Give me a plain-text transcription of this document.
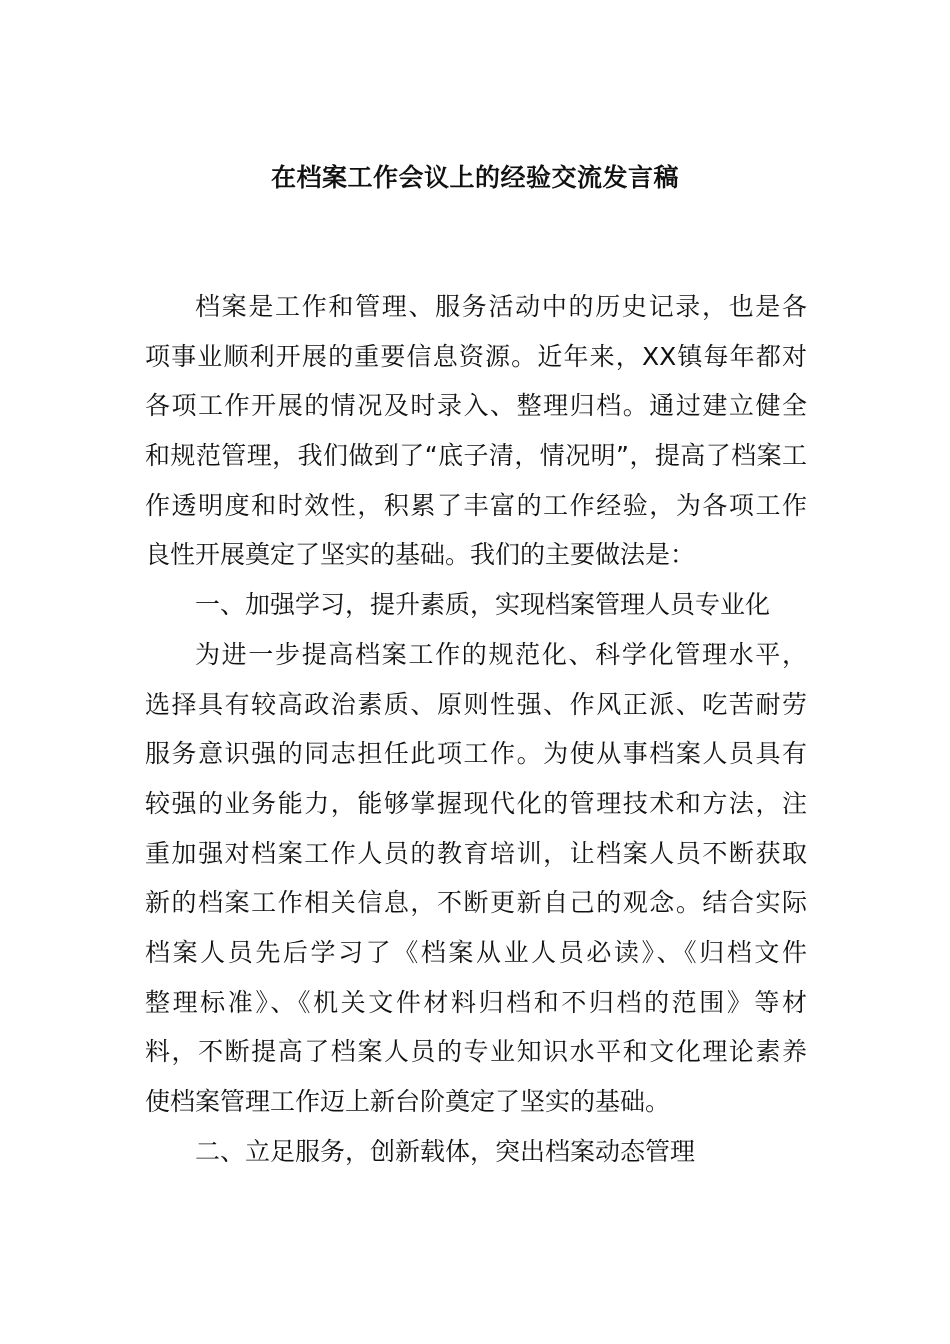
在档案工作会议上的经验交流发言稿
档案是工作和管理、服务活动中的历史记录，也是各
项事业顺利开展的重要信息资源。近年来，XX镇每年都对
各项工作开展的情况及时录入、整理归档。通过建立健全
和规范管理，我们做到了“底子清，情况明”，提高了档案工
作透明度和时效性，积累了丰富的工作经验，为各项工作
良性开展奠定了坚实的基础。我们的主要做法是：
一、加强学习，提升素质，实现档案管理人员专业化
为进一步提高档案工作的规范化、科学化管理水平，
选择具有较高政治素质、原则性强、作风正派、吃苦耐劳
服务意识强的同志担任此项工作。为使从事档案人员具有
较强的业务能力，能够掌握现代化的管理技术和方法，注
重加强对档案工作人员的教育培训，让档案人员不断获取
新的档案工作相关信息，不断更新自己的观念。结合实际
档案人员先后学习了《档案从业人员必读》、《归档文件
整理标准》、《机关文件材料归档和不归档的范围》等材
料，不断提高了档案人员的专业知识水平和文化理论素养
使档案管理工作迈上新台阶奠定了坚实的基础。
二、立足服务，创新载体，突出档案动态管理
